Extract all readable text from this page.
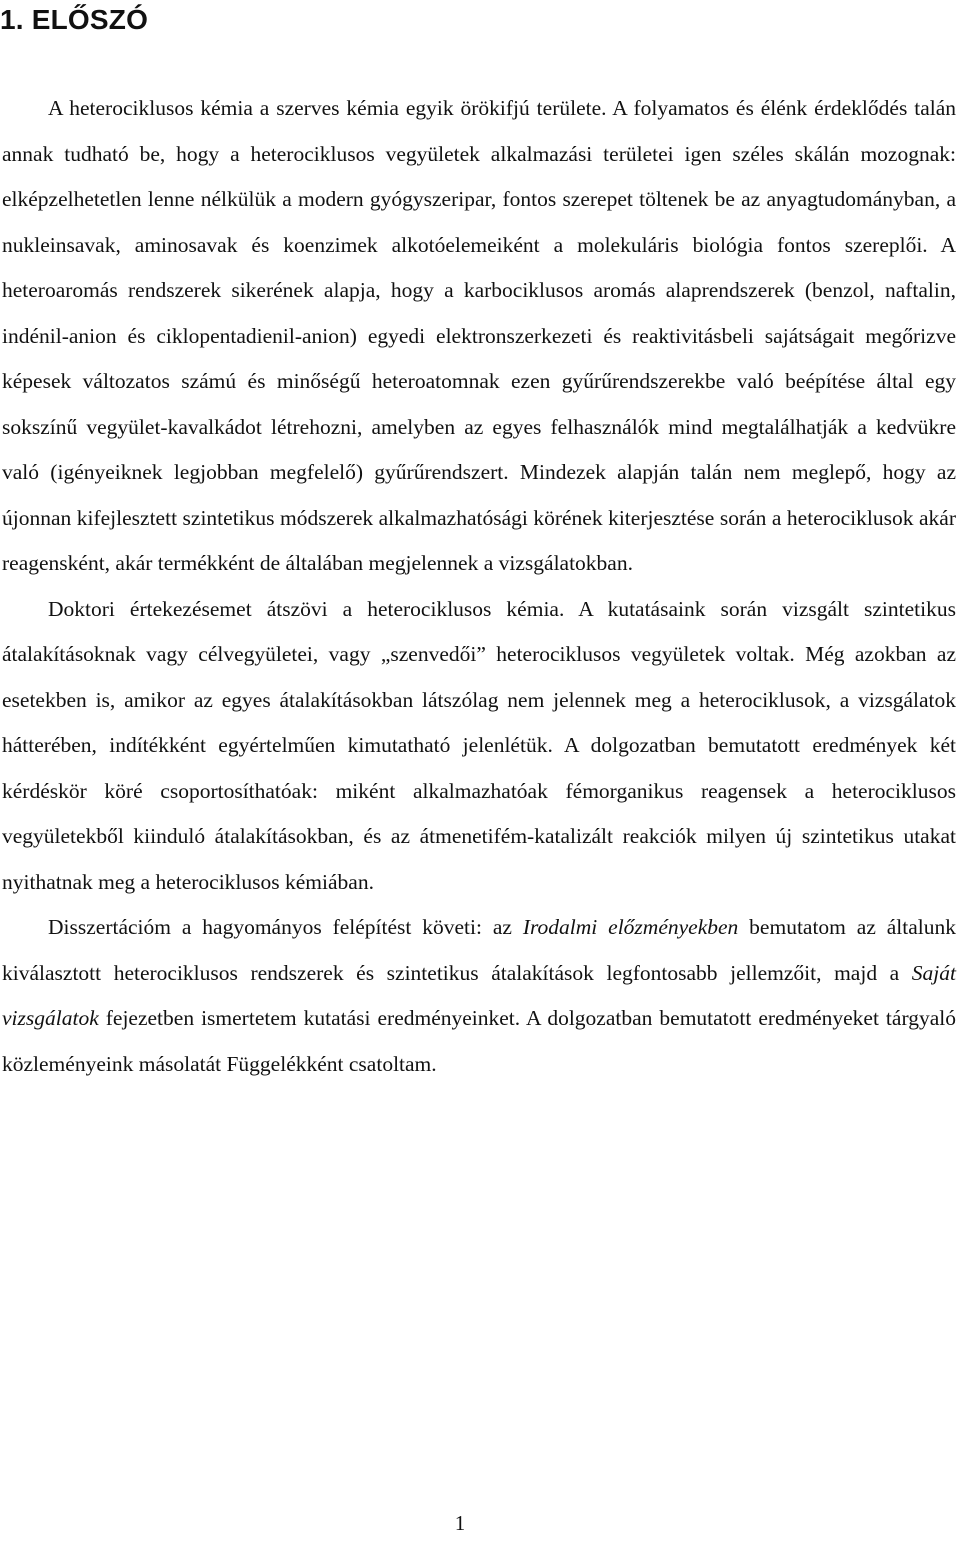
1. ELŐSZÓ

A heterociklusos kémia a szerves kémia egyik örökifjú területe. A folyamatos és élénk érdeklődés talán annak tudható be, hogy a heterociklusos vegyületek alkalmazási területei igen széles skálán mozognak: elképzelhetetlen lenne nélkülük a modern gyógyszeripar, fontos szerepet töltenek be az anyagtudományban, a nukleinsavak, aminosavak és koenzimek alkotóelemeiként a molekuláris biológia fontos szereplői. A heteroaromás rendszerek sikerének alapja, hogy a karbociklusos aromás alaprendszerek (benzol, naftalin, indénil-anion és ciklopentadienil-anion) egyedi elektronszerkezeti és reaktivitásbeli sajátságait megőrizve képesek változatos számú és minőségű heteroatomnak ezen gyűrűrendszerekbe való beépítése által egy sokszínű vegyület-kavalkádot létrehozni, amelyben az egyes felhasználók mind megtalálhatják a kedvükre való (igényeiknek legjobban megfelelő) gyűrűrendszert. Mindezek alapján talán nem meglepő, hogy az újonnan kifejlesztett szintetikus módszerek alkalmazhatósági körének kiterjesztése során a heterociklusok akár reagensként, akár termékként de általában megjelennek a vizsgálatokban.

Doktori értekezésemet átszövi a heterociklusos kémia. A kutatásaink során vizsgált szintetikus átalakításoknak vagy célvegyületei, vagy „szenvedői” heterociklusos vegyületek voltak. Még azokban az esetekben is, amikor az egyes átalakításokban látszólag nem jelennek meg a heterociklusok, a vizsgálatok hátterében, indítékként egyértelműen kimutatható jelenlétük. A dolgozatban bemutatott eredmények két kérdéskör köré csoportosíthatóak: miként alkalmazhatóak fémorganikus reagensek a heterociklusos vegyületekből kiinduló átalakításokban, és az átmenetifém-katalizált reakciók milyen új szintetikus utakat nyithatnak meg a heterociklusos kémiában.

Disszertációm a hagyományos felépítést követi: az Irodalmi előzményekben bemutatom az általunk kiválasztott heterociklusos rendszerek és szintetikus átalakítások legfontosabb jellemzőit, majd a Saját vizsgálatok fejezetben ismertetem kutatási eredményeinket. A dolgozatban bemutatott eredményeket tárgyaló közleményeink másolatát Függelékként csatoltam.

1
